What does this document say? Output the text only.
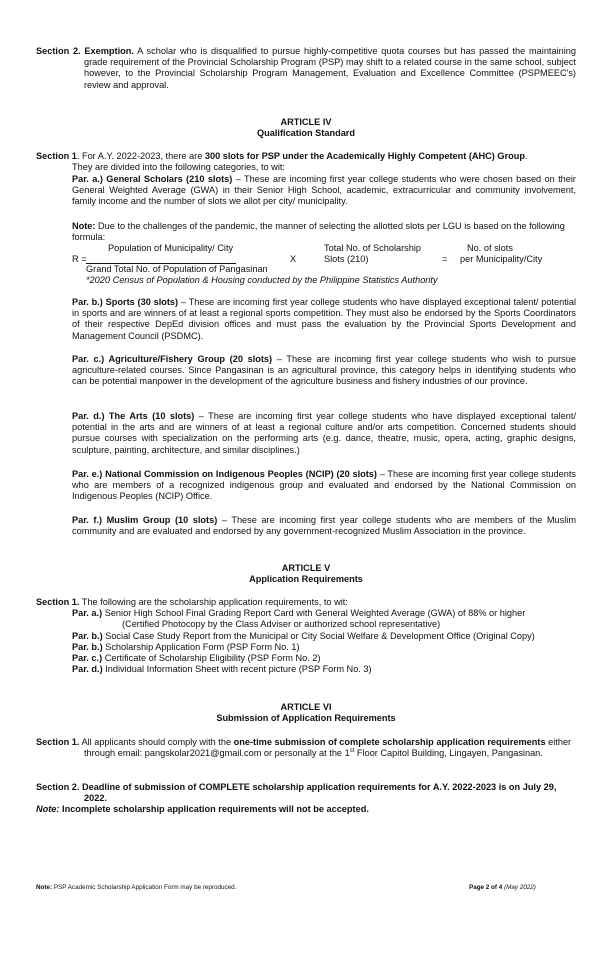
Section 2. Exemption. A scholar who is disqualified to pursue highly-competitive quota courses but has passed the maintaining grade requirement of the Provincial Scholarship Program (PSP) may shift to a related course in the same school, subject however, to the Provincial Scholarship Program Management, Evaluation and Excellence Committee (PSPMEEC's) review and approval.
ARTICLE IV
Qualification Standard
Section 1. For A.Y. 2022-2023, there are 300 slots for PSP under the Academically Highly Competent (AHC) Group.
They are divided into the following categories, to wit:
Par. a.) General Scholars (210 slots) – These are incoming first year college students who were chosen based on their General Weighted Average (GWA) in their Senior High School, academic, extracurricular and community involvement, family income and the number of slots we allot per city/ municipality.
Note: Due to the challenges of the pandemic, the manner of selecting the allotted slots per LGU is based on the following formula:
Population of Municipality/ City
R =
Grand Total No. of Population of Pangasinan
X
Total No. of Scholarship
Slots (210)	=
No. of slots
per Municipality/City
*2020 Census of Population & Housing conducted by the Philippine Statistics Authority
Par. b.) Sports (30 slots) – These are incoming first year college students who have displayed exceptional talent/ potential in sports and are winners of at least a regional sports competition. They must also be endorsed by the Sports Coordinators of their respective DepEd division offices and must pass the evaluation by the Provincial Sports Development and Management Council (PSDMC).
Par. c.) Agriculture/Fishery Group (20 slots) – These are incoming first year college students who wish to pursue agriculture-related courses. Since Pangasinan is an agricultural province, this category helps in identifying students who can be potential manpower in the development of the agriculture business and fishery industries of our province.
Par. d.) The Arts (10 slots) – These are incoming first year college students who have displayed exceptional talent/ potential in the arts and are winners of at least a regional culture and/or arts competition. Concerned students should pursue courses with specialization on the performing arts (e.g. dance, theatre, music, opera, acting, graphic designs, sculpture, painting, architecture, and similar disciplines.)
Par. e.) National Commission on Indigenous Peoples (NCIP) (20 slots) – These are incoming first year college students who are members of a recognized indigenous group and evaluated and endorsed by the National Commission on Indigenous Peoples (NCIP) Office.
Par. f.) Muslim Group (10 slots) – These are incoming first year college students who are members of the Muslim community and are evaluated and endorsed by any government-recognized Muslim Association in the province.
ARTICLE V
Application Requirements
Section 1. The following are the scholarship application requirements, to wit:
Par. a.) Senior High School Final Grading Report Card with General Weighted Average (GWA) of 88% or higher
(Certified Photocopy by the Class Adviser or authorized school representative)
Par. b.) Social Case Study Report from the Municipal or City Social Welfare & Development Office (Original Copy)
Par. b.) Scholarship Application Form (PSP Form No. 1)
Par. c.) Certificate of Scholarship Eligibility (PSP Form No. 2)
Par. d.) Individual Information Sheet with recent picture (PSP Form No. 3)
ARTICLE VI
Submission of Application Requirements
Section 1. All applicants should comply with the one-time submission of complete scholarship application requirements either through email: pangskolar2021@gmail.com or personally at the 1st Floor Capitol Building, Lingayen, Pangasinan.
Section 2. Deadline of submission of COMPLETE scholarship application requirements for A.Y. 2022-2023 is on July 29, 2022.
Note: Incomplete scholarship application requirements will not be accepted.
Note: PSP Academic Scholarship Application Form may be reproduced.	Page 2 of 4 (May 2022)
